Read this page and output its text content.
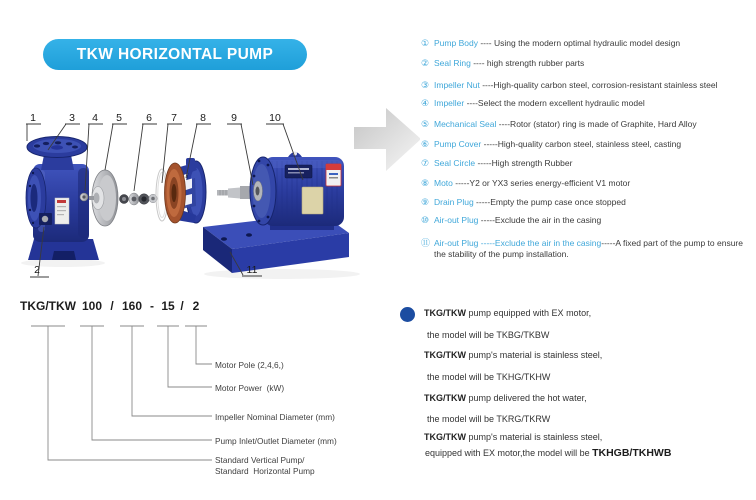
TKW HORIZONTAL PUMP
1	3 4 5 6 7 8 9	10
2	11
① Pump Body ---- Using the modern optimal hydraulic model design
② Seal Ring ---- high strength rubber parts
③ Impeller Nut ----High-quality carbon steel, corrosion-resistant stainless steel
④ Impeller ----Select the modern excellent hydraulic model
⑤ Mechanical Seal ----Rotor (stator) ring is made of Graphite, Hard Alloy
⑥ Pump Cover -----High-quality carbon steel, stainless steel, casting
⑦ Seal Circle -----High strength Rubber
⑧ Moto -----Y2 or YX3 series energy-efficient V1 motor
⑨ Drain Plug -----Empty the pump case once stopped
⑩ Air-out Plug -----Exclude the air in the casing
⑪ Air-out Plug -----Exclude the air in the casing-----A fixed part of the pump to ensure the stability of the pump installation.
TKG/TKW 100 / 160 - 15 / 2
Motor Pole (2,4,6,)
Motor Power  (kW)
Impeller Nominal Diameter (mm)
Pump Inlet/Outlet Diameter (mm)
Standard Vertical Pump/
Standard  Horizontal Pump
TKG/TKW pump equipped with EX motor,
the model will be TKBG/TKBW
TKG/TKW pump's material is stainless steel,
the model will be TKHG/TKHW
TKG/TKW pump delivered the hot water,
the model will be TKRG/TKRW
TKG/TKW pump's material is stainless steel,
equipped with EX motor,the model will be TKHGB/TKHWB
